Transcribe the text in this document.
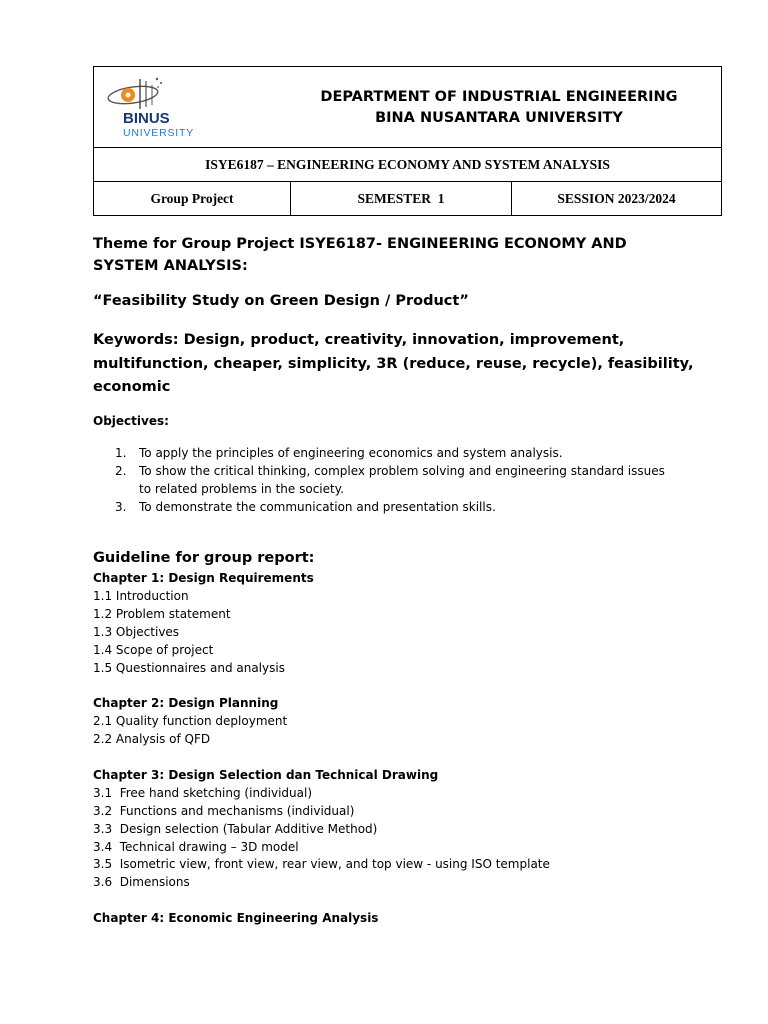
BINUS
UNIVERSITY
DEPARTMENT OF INDUSTRIAL ENGINEERING
BINA NUSANTARA UNIVERSITY

ISYE6187 – ENGINEERING ECONOMY AND SYSTEM ANALYSIS
Group Project	SEMESTER  1	SESSION 2023/2024
Theme for Group Project ISYE6187- ENGINEERING ECONOMY AND SYSTEM ANALYSIS:
“Feasibility Study on Green Design / Product”
Keywords: Design, product, creativity, innovation, improvement, multifunction, cheaper, simplicity, 3R (reduce, reuse, recycle), feasibility, economic
Objectives:
1. To apply the principles of engineering economics and system analysis.
2. To show the critical thinking, complex problem solving and engineering standard issues to related problems in the society.
3. To demonstrate the communication and presentation skills.
Guideline for group report:
Chapter 1: Design Requirements
1.1 Introduction
1.2 Problem statement
1.3 Objectives
1.4 Scope of project
1.5 Questionnaires and analysis
Chapter 2: Design Planning
2.1 Quality function deployment
2.2 Analysis of QFD
Chapter 3: Design Selection dan Technical Drawing
3.1  Free hand sketching (individual)
3.2  Functions and mechanisms (individual)
3.3  Design selection (Tabular Additive Method)
3.4  Technical drawing – 3D model
3.5  Isometric view, front view, rear view, and top view - using ISO template
3.6  Dimensions
Chapter 4: Economic Engineering Analysis
